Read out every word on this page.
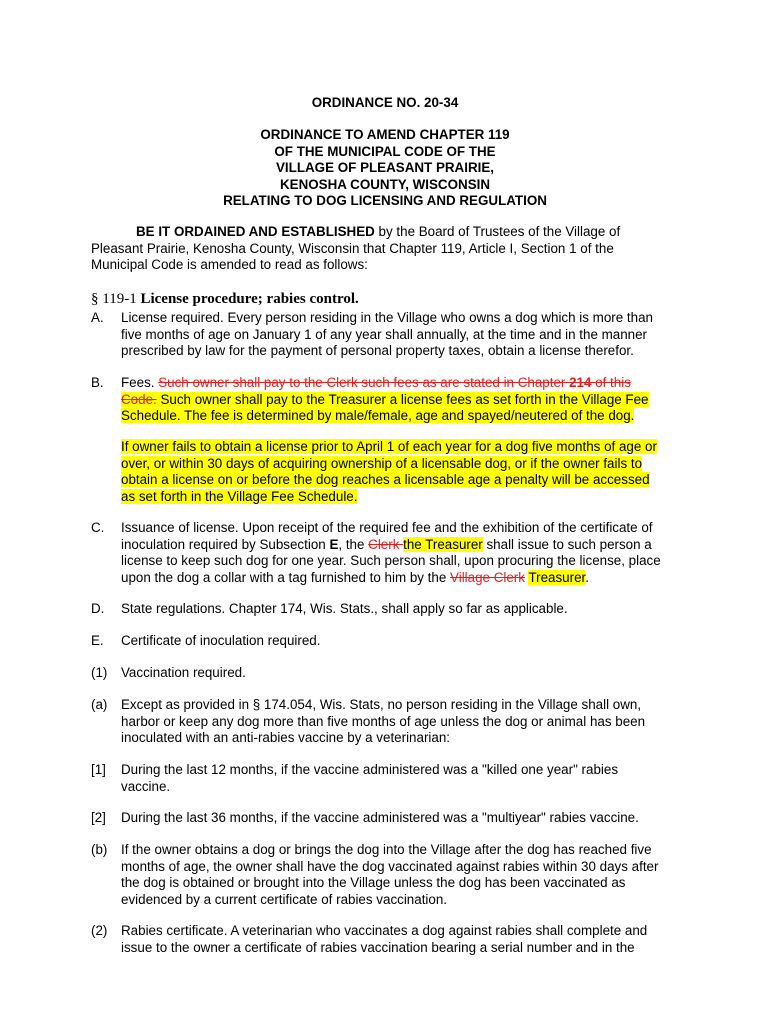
ORDINANCE NO. 20-34
ORDINANCE TO AMEND CHAPTER 119
OF THE MUNICIPAL CODE OF THE
VILLAGE OF PLEASANT PRAIRIE,
KENOSHA COUNTY, WISCONSIN
RELATING TO DOG LICENSING AND REGULATION
BE IT ORDAINED AND ESTABLISHED by the Board of Trustees of the Village of
Pleasant Prairie, Kenosha County, Wisconsin that Chapter 119, Article I, Section 1 of the
Municipal Code is amended to read as follows:
§ 119-1 License procedure; rabies control.
A.	License required. Every person residing in the Village who owns a dog which is more than
five months of age on January 1 of any year shall annually, at the time and in the manner
prescribed by law for the payment of personal property taxes, obtain a license therefor.
B.	Fees. Such owner shall pay to the Clerk such fees as are stated in Chapter 214 of this
Code. Such owner shall pay to the Treasurer a license fees as set forth in the Village Fee
Schedule. The fee is determined by male/female, age and spayed/neutered of the dog.
If owner fails to obtain a license prior to April 1 of each year for a dog five months of age or
over, or within 30 days of acquiring ownership of a licensable dog, or if the owner fails to
obtain a license on or before the dog reaches a licensable age a penalty will be accessed
as set forth in the Village Fee Schedule.
C.	Issuance of license. Upon receipt of the required fee and the exhibition of the certificate of
inoculation required by Subsection E, the Clerk the Treasurer shall issue to such person a
license to keep such dog for one year. Such person shall, upon procuring the license, place
upon the dog a collar with a tag furnished to him by the Village Clerk Treasurer.
D.	State regulations. Chapter 174, Wis. Stats., shall apply so far as applicable.
E.	Certificate of inoculation required.
(1)	Vaccination required.
(a)	Except as provided in § 174.054, Wis. Stats, no person residing in the Village shall own,
harbor or keep any dog more than five months of age unless the dog or animal has been
inoculated with an anti-rabies vaccine by a veterinarian:
[1]	During the last 12 months, if the vaccine administered was a "killed one year" rabies
vaccine.
[2]	During the last 36 months, if the vaccine administered was a "multiyear" rabies vaccine.
(b)	If the owner obtains a dog or brings the dog into the Village after the dog has reached five
months of age, the owner shall have the dog vaccinated against rabies within 30 days after
the dog is obtained or brought into the Village unless the dog has been vaccinated as
evidenced by a current certificate of rabies vaccination.
(2)	Rabies certificate. A veterinarian who vaccinates a dog against rabies shall complete and
issue to the owner a certificate of rabies vaccination bearing a serial number and in the
